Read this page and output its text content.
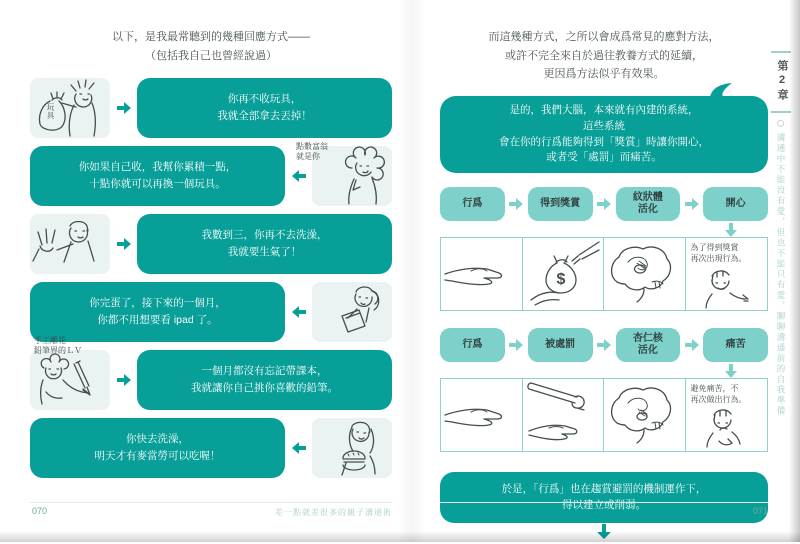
以下，是我最常聽到的幾種回應方式——
（包括我自己也曾經說過）
玩具
你再不收玩具，
我就全部拿去丟掉！
你如果自己收，我幫你累積一點，
十點你就可以再換一個玩具。
點數富翁
就是你
我數到三，你再不去洗澡，
我就要生氣了！
你完蛋了，接下來的一個月，
你都不用想要看 ipad 了。
手工雕花
鉛筆界的ＬＶ
一個月都沒有忘記帶課本，
我就讓你自己挑你喜歡的鉛筆。
你快去洗澡，
明天才有麥當勞可以吃喔！
而這幾種方式，之所以會成爲常見的應對方法，
或許不完全來自於過往教養方式的延續，
更因爲方法似乎有效果。
是的，我們大腦，本來就有內建的系統，
這些系統
會在你的行爲能夠得到「獎賞」時讓你開心，
或者受「處罰」而痛苦。
行爲	得到獎賞
紋狀體
活化
開心
$
為了得到獎賞
再次出現行為。
行爲	被處罰
杏仁核
活化
痛苦
避免痛苦，不
再次做出行為。
於是，「行爲」也在趨賞避罰的機制運作下，
得以建立或削弱。
第2章
溝通中不能沒有愛，但也不能只有愛，聊聊溝通前的自我準備
070	差一點就差很多的親子溝通術	071
